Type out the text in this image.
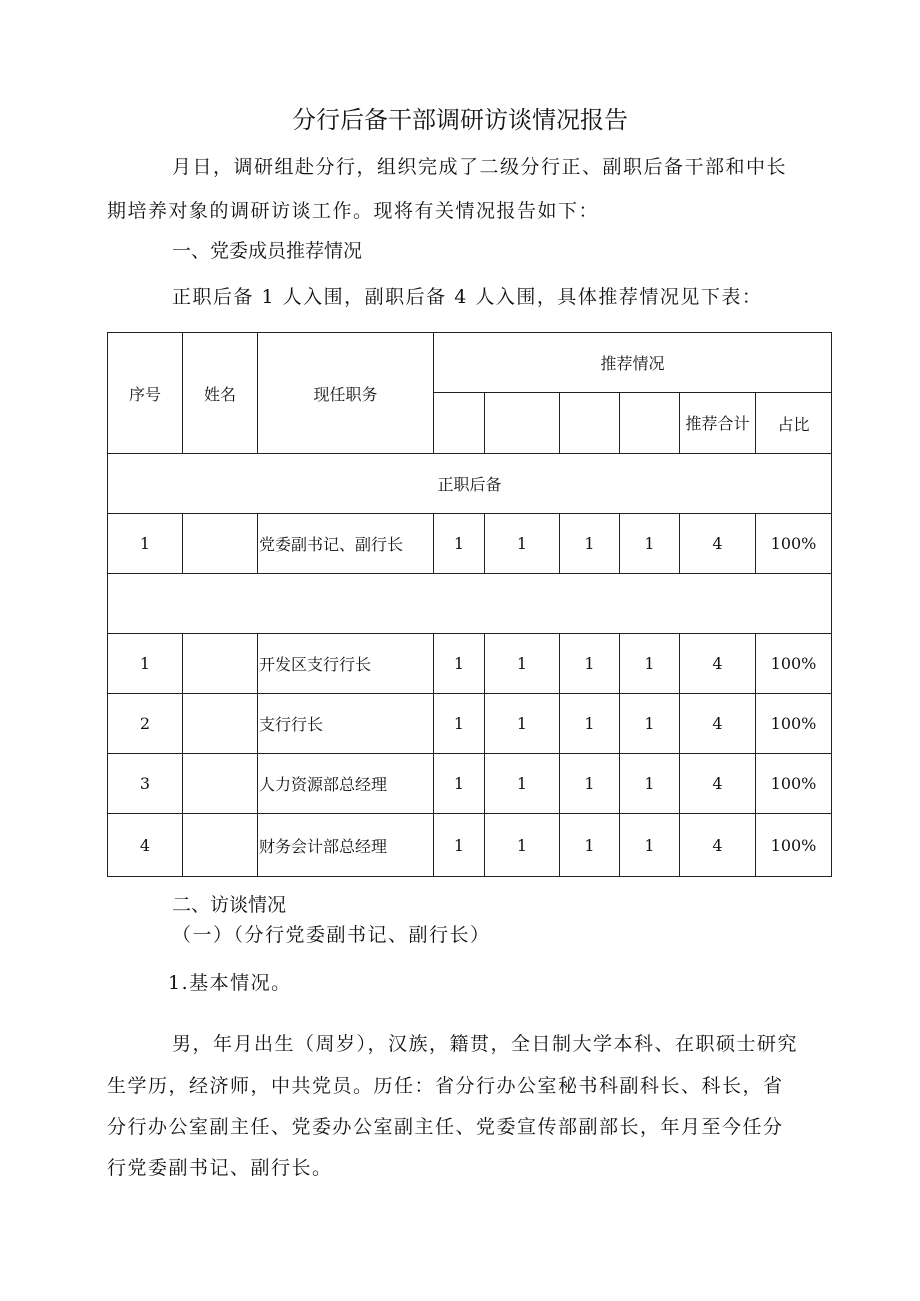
分行后备干部调研访谈情况报告
月日，调研组赴分行，组织完成了二级分行正、副职后备干部和中长
期培养对象的调研访谈工作。现将有关情况报告如下：
一、党委成员推荐情况
正职后备 1 人入围，副职后备 4 人入围，具体推荐情况见下表：
序号	姓名	现任职务	推荐情况					
							推荐合计	占比
正职后备								
1		党委副书记、副行长	1	1	1	1	4	100%

1		开发区支行行长	1	1	1	1	4	100%
2		支行行长	1	1	1	1	4	100%
3		人力资源部总经理	1	1	1	1	4	100%
4		财务会计部总经理	1	1	1	1	4	100%
二、访谈情况
（一）（分行党委副书记、副行长）
1.基本情况。
男，年月出生（周岁），汉族，籍贯，全日制大学本科、在职硕士研究
生学历，经济师，中共党员。历任：省分行办公室秘书科副科长、科长，省
分行办公室副主任、党委办公室副主任、党委宣传部副部长，年月至今任分
行党委副书记、副行长。
